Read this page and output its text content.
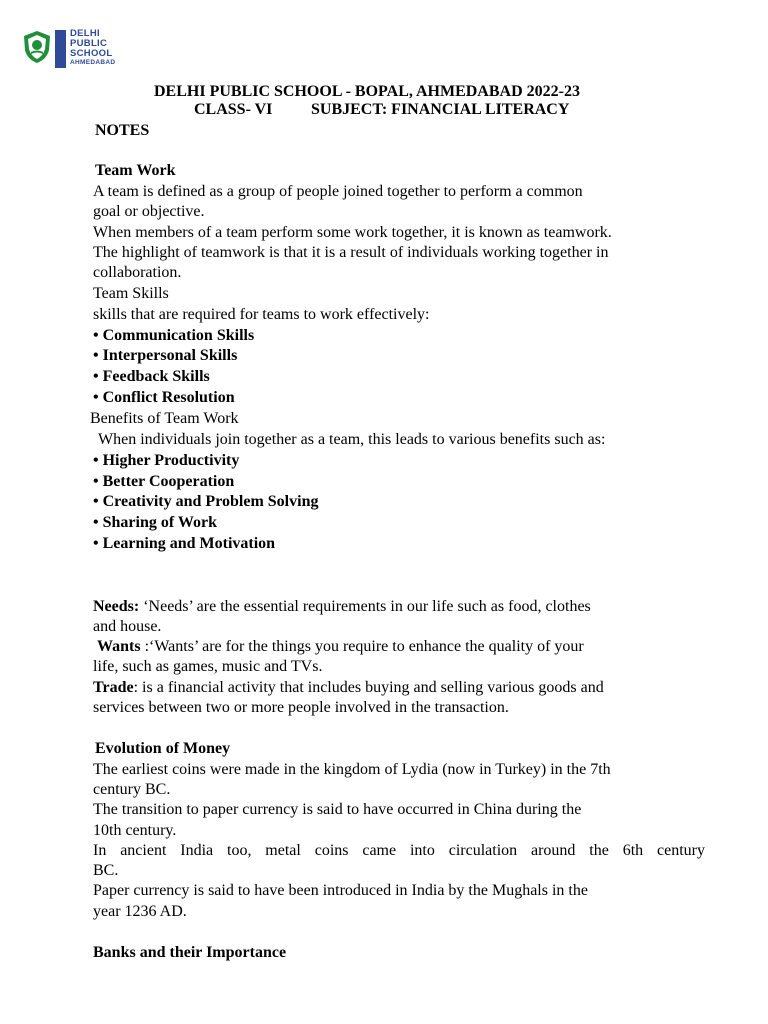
DELHI
PUBLIC
SCHOOL
AHMEDABAD
DELHI PUBLIC SCHOOL - BOPAL, AHMEDABAD 2022-23
CLASS- VI SUBJECT: FINANCIAL LITERACY
NOTES
Team Work
A team is defined as a group of people joined together to perform a common
goal or objective.
When members of a team perform some work together, it is known as teamwork.
The highlight of teamwork is that it is a result of individuals working together in
collaboration.
Team Skills
skills that are required for teams to work effectively:
• Communication Skills
• Interpersonal Skills
• Feedback Skills
• Conflict Resolution
Benefits of Team Work
When individuals join together as a team, this leads to various benefits such as:
• Higher Productivity
• Better Cooperation
• Creativity and Problem Solving
• Sharing of Work
• Learning and Motivation
Needs: ‘Needs’ are the essential requirements in our life such as food, clothes
and house.
Wants :‘Wants’ are for the things you require to enhance the quality of your
life, such as games, music and TVs.
Trade: is a financial activity that includes buying and selling various goods and
services between two or more people involved in the transaction.
Evolution of Money
The earliest coins were made in the kingdom of Lydia (now in Turkey) in the 7th
century BC.
The transition to paper currency is said to have occurred in China during the
10th century.
In ancient India too, metal coins came into circulation around the 6th century
BC.
Paper currency is said to have been introduced in India by the Mughals in the
year 1236 AD.
Banks and their Importance
